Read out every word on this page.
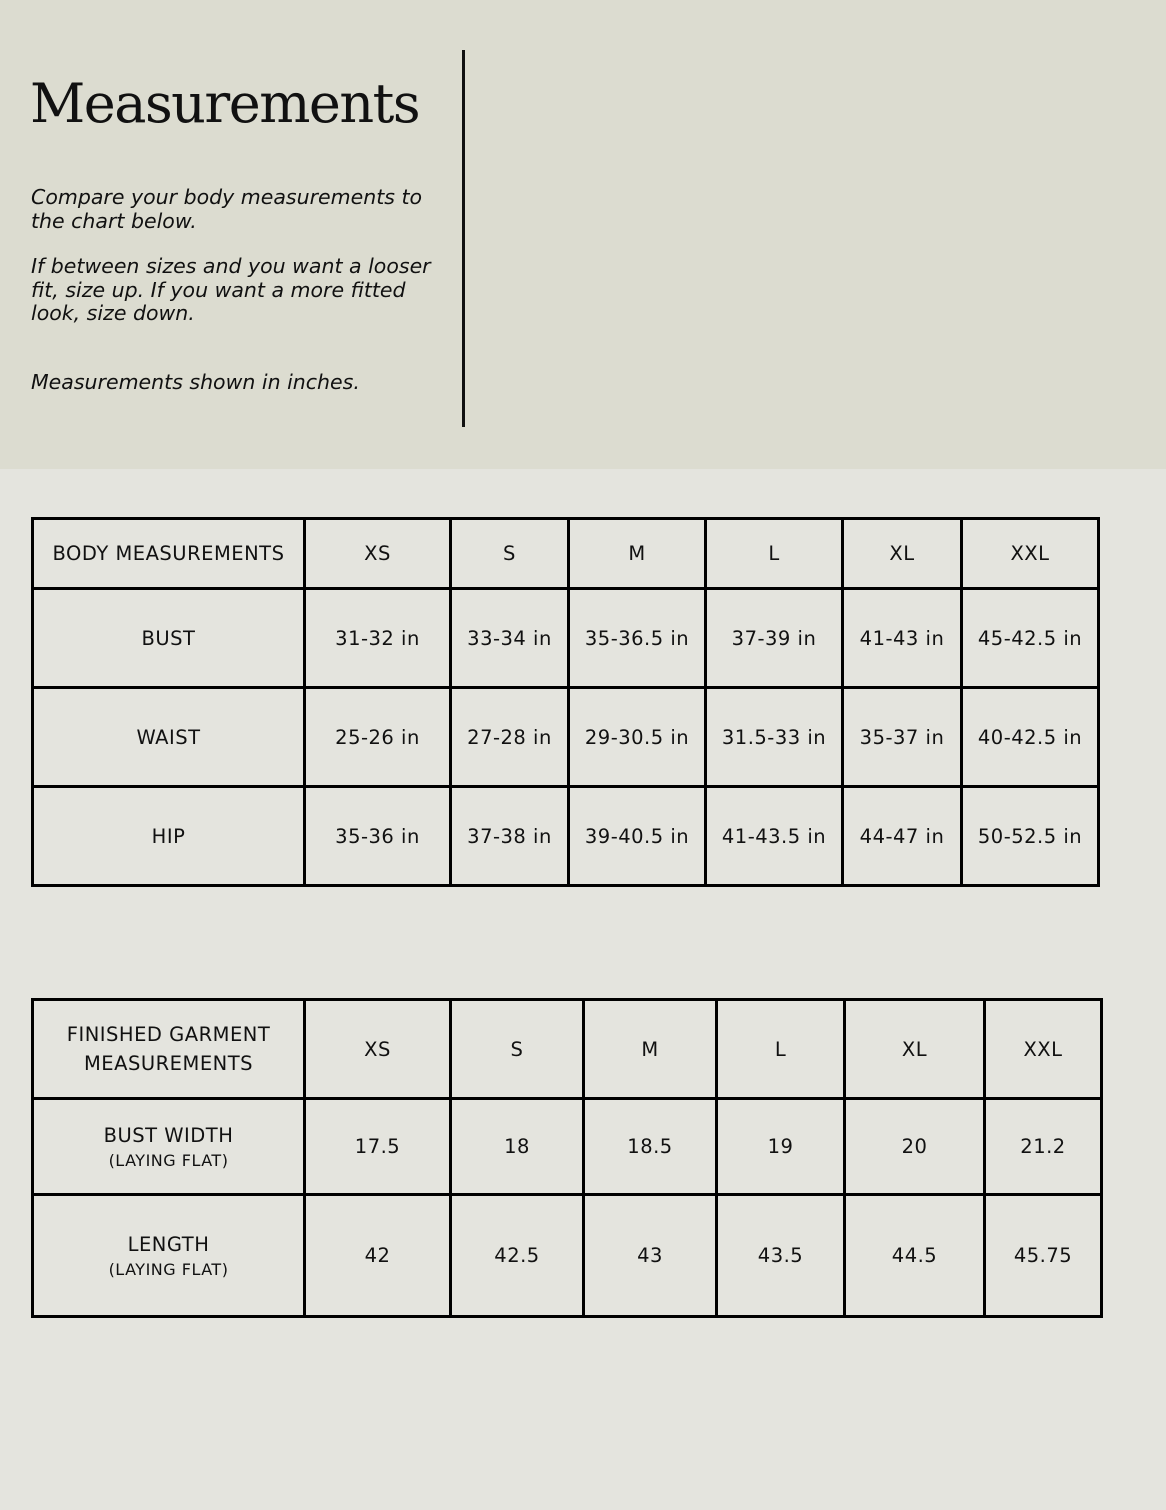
Measurements

Compare your body measurements to the chart below.

If between sizes and you want a looser fit, size up. If you want a more fitted look, size down.

Measurements shown in inches.

BODY MEASUREMENTS	XS	S	M	L	XL	XXL
BUST	31-32 in	33-34 in	35-36.5 in	37-39 in	41-43 in	45-42.5 in
WAIST	25-26 in	27-28 in	29-30.5 in	31.5-33 in	35-37 in	40-42.5 in
HIP	35-36 in	37-38 in	39-40.5 in	41-43.5 in	44-47 in	50-52.5 in
FINISHED GARMENT MEASUREMENTS	XS	S	M	L	XL	XXL
BUST WIDTH
(LAYING FLAT)	17.5	18	18.5	19	20	21.2
LENGTH
(LAYING FLAT)	42	42.5	43	43.5	44.5	45.75
